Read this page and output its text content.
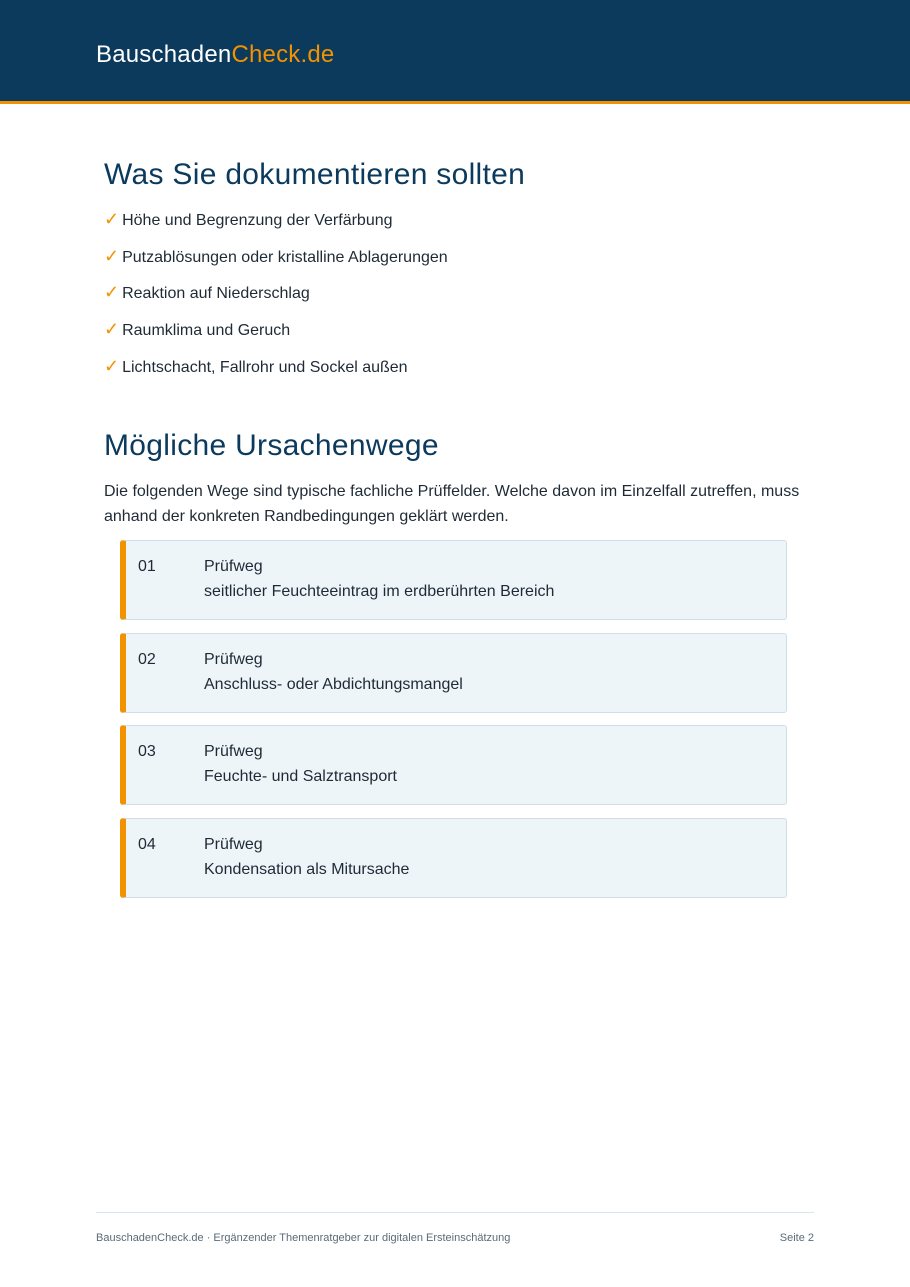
BauschadenCheck.de
Was Sie dokumentieren sollten
✓ Höhe und Begrenzung der Verfärbung
✓ Putzablösungen oder kristalline Ablagerungen
✓ Reaktion auf Niederschlag
✓ Raumklima und Geruch
✓ Lichtschacht, Fallrohr und Sockel außen
Mögliche Ursachenwege

Die folgenden Wege sind typische fachliche Prüffelder. Welche davon im Einzelfall zutreffen, muss anhand der konkreten Randbedingungen geklärt werden.

01	Prüfweg
seitlicher Feuchteeintrag im erdberührten Bereich
02	Prüfweg
Anschluss- oder Abdichtungsmangel
03	Prüfweg
Feuchte- und Salztransport
04	Prüfweg
Kondensation als Mitursache
BauschadenCheck.de · Ergänzender Themenratgeber zur digitalen Ersteinschätzung	Seite 2
